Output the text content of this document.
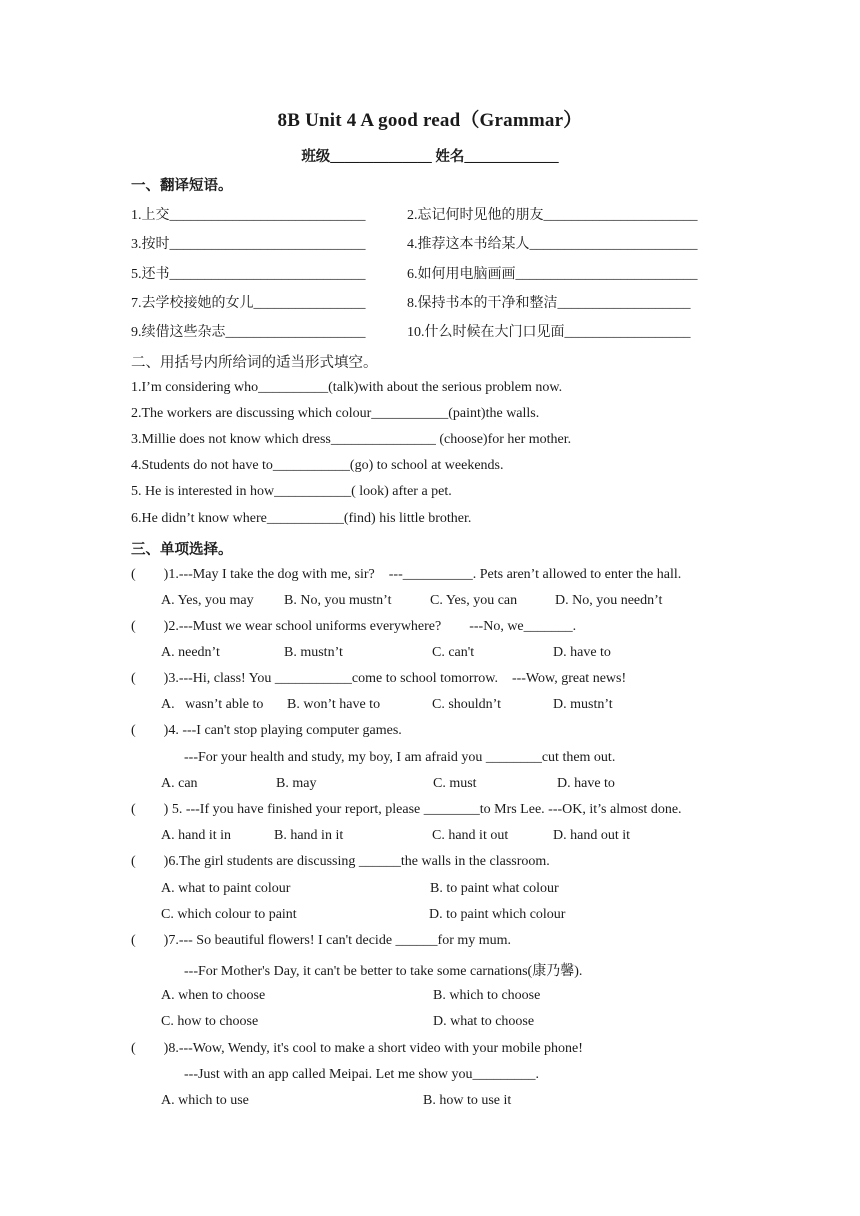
8B Unit 4 A good read（Grammar）
班级______________ 姓名_____________
一、翻译短语。
1.上交____________________________	2.忘记何时见他的朋友______________________
3.按时____________________________	4.推荐这本书给某人________________________
5.还书____________________________	6.如何用电脑画画__________________________
7.去学校接她的女儿________________	8.保持书本的干净和整洁___________________
9.续借这些杂志____________________	10.什么时候在大门口见面__________________
二、用括号内所给词的适当形式填空。
1.I’m considering who__________(talk)with about the serious problem now.
2.The workers are discussing which colour___________(paint)the walls.
3.Millie does not know which dress_______________ (choose)for her mother.
4.Students do not have to___________(go) to school at weekends.
5. He is interested in how___________( look) after a pet.
6.He didn’t know where___________(find) his little brother.
三、单项选择。
(        )1.---May I take the dog with me, sir?    ---__________. Pets aren’t allowed to enter the hall.
A. Yes, you may B. No, you mustn’t	C. Yes, you can	D. No, you needn’t
(        )2.---Must we wear school uniforms everywhere?        ---No, we_______.
A. needn’t	B. mustn’t	C. can't	D. have to
(        )3.---Hi, class! You ___________come to school tomorrow.    ---Wow, great news!
A.   wasn’t able to B. won’t have to	C. shouldn’t	D. mustn’t
(        )4. ---I can't stop playing computer games.
---For your health and study, my boy, I am afraid you ________cut them out.
A. can	B. may	C. must	D. have to
(        ) 5. ---If you have finished your report, please ________to Mrs Lee. ---OK, it’s almost done.
A. hand it in	B. hand in it	C. hand it out	D. hand out it
(        )6.The girl students are discussing ______the walls in the classroom.
A. what to paint colour	B. to paint what colour
C. which colour to paint	D. to paint which colour
(        )7.--- So beautiful flowers! I can't decide ______for my mum.
---For Mother's Day, it can't be better to take some carnations(康乃馨).
A. when to choose	B. which to choose
C. how to choose	D. what to choose
(        )8.---Wow, Wendy, it's cool to make a short video with your mobile phone!
---Just with an app called Meipai. Let me show you_________.
A. which to use	B. how to use it
